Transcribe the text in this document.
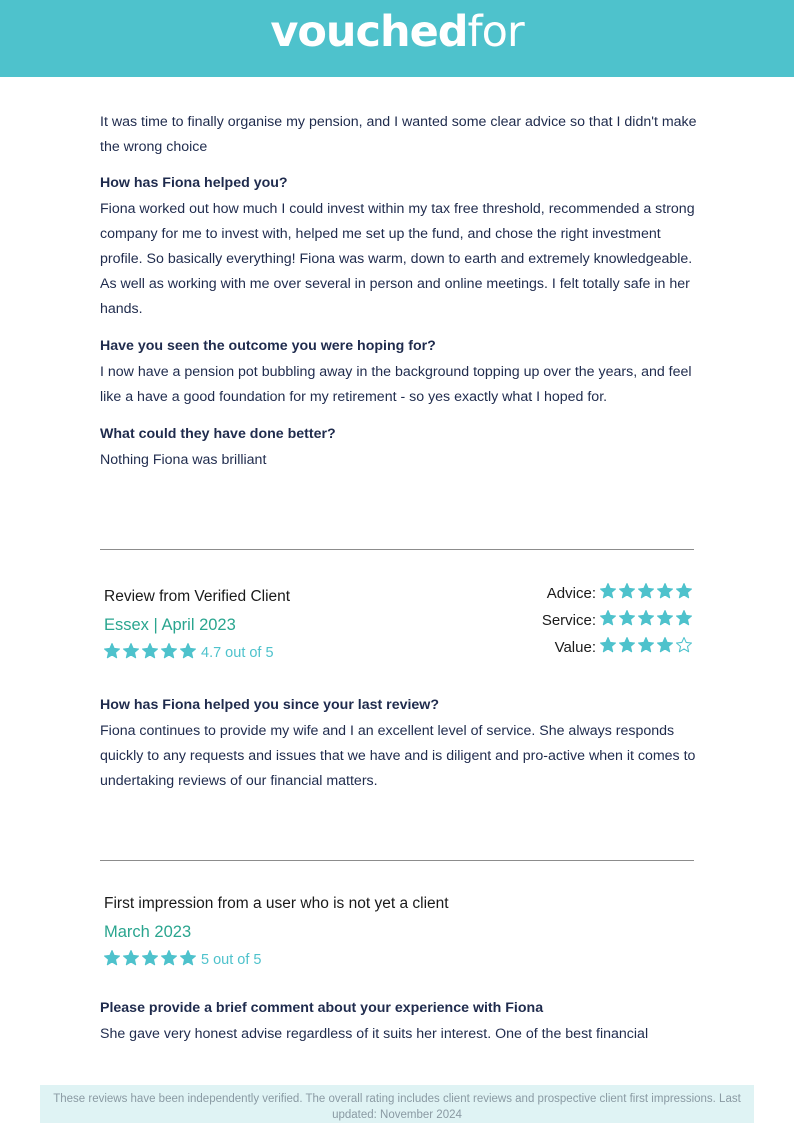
vouchedfor

It was time to finally organise my pension, and I wanted some clear advice so that I didn't make the wrong choice

How has Fiona helped you?

Fiona worked out how much I could invest within my tax free threshold, recommended a strong company for me to invest with, helped me set up the fund, and chose the right investment profile. So basically everything! Fiona was warm, down to earth and extremely knowledgeable. As well as working with me over several in person and online meetings. I felt totally safe in her hands.

Have you seen the outcome you were hoping for?

I now have a pension pot bubbling away in the background topping up over the years, and feel like a have a good foundation for my retirement - so yes exactly what I hoped for.

What could they have done better?

Nothing Fiona was brilliant

Review from Verified Client
Essex | April 2023
4.7 out of 5
Advice:
Service:
Value:
How has Fiona helped you since your last review?

Fiona continues to provide my wife and I an excellent level of service. She always responds quickly to any requests and issues that we have and is diligent and pro-active when it comes to undertaking reviews of our financial matters.

First impression from a user who is not yet a client
March 2023
5 out of 5
Please provide a brief comment about your experience with Fiona

She gave very honest advise regardless of it suits her interest. One of the best financial

These reviews have been independently verified. The overall rating includes client reviews and prospective client first impressions. Last updated: November 2024
